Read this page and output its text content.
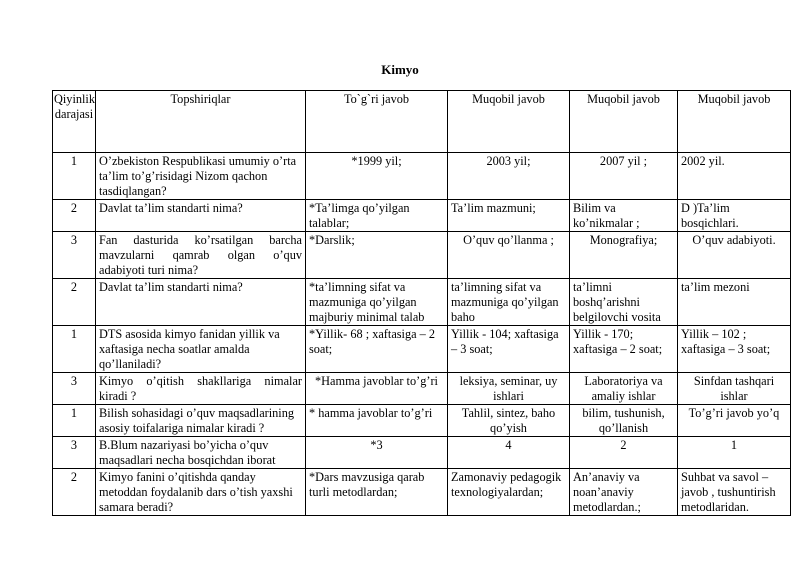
Kimyo
Qiyinlik darajasi	Topshiriqlar	To`g`ri javob	Muqobil javob	Muqobil javob	Muqobil javob
1	O’zbekiston Respublikasi umumiy o’rta ta’lim to’g’risidagi Nizom qachon tasdiqlangan?	*1999 yil;	2003 yil;	2007 yil ;	2002 yil.
2	Davlat ta’lim standarti nima?	*Ta’limga qo’yilgan talablar;	Ta’lim mazmuni;	Bilim va ko’nikmalar ;	D )Ta’lim bosqichlari.
3	Fan dasturida ko’rsatilgan barcha mavzularni qamrab olgan o’quv adabiyoti turi nima?	*Darslik;	O’quv qo’llanma ;	Monografiya;	O’quv adabiyoti.
2	Davlat ta’lim standarti nima?	*ta’limning sifat va mazmuniga qo’yilgan majburiy minimal talab	ta’limning sifat va mazmuniga qo’yilgan baho	ta’limni boshq’arishni belgilovchi vosita	ta’lim mezoni
1	DTS asosida kimyo fanidan yillik va xaftasiga necha soatlar amalda qo’llaniladi?	*Yillik- 68 ; xaftasiga – 2 soat;	Yillik - 104; xaftasiga – 3 soat;	Yillik - 170; xaftasiga – 2 soat;	Yillik – 102 ; xaftasiga – 3 soat;
3	Kimyo o’qitish shakllariga nimalar kiradi ?	*Hamma javoblar to’g’ri	leksiya, seminar, uy ishlari	Laboratoriya va amaliy ishlar	Sinfdan tashqari ishlar
1	Bilish sohasidagi o’quv maqsadlarining asosiy toifalariga nimalar kiradi ?	* hamma javoblar to’g’ri	Tahlil, sintez, baho qo’yish	bilim, tushunish, qo’llanish	To’g’ri javob yo’q
3	B.Blum nazariyasi bo’yicha o’quv maqsadlari necha bosqichdan iborat	*3	4	2	1
2	Kimyo fanini o’qitishda qanday metoddan foydalanib dars o’tish yaxshi samara beradi?	*Dars mavzusiga qarab turli metodlardan;	Zamonaviy pedagogik texnologiyalardan;	An’anaviy va noan’anaviy metodlardan.;	Suhbat va savol – javob , tushuntirish metodlaridan.
